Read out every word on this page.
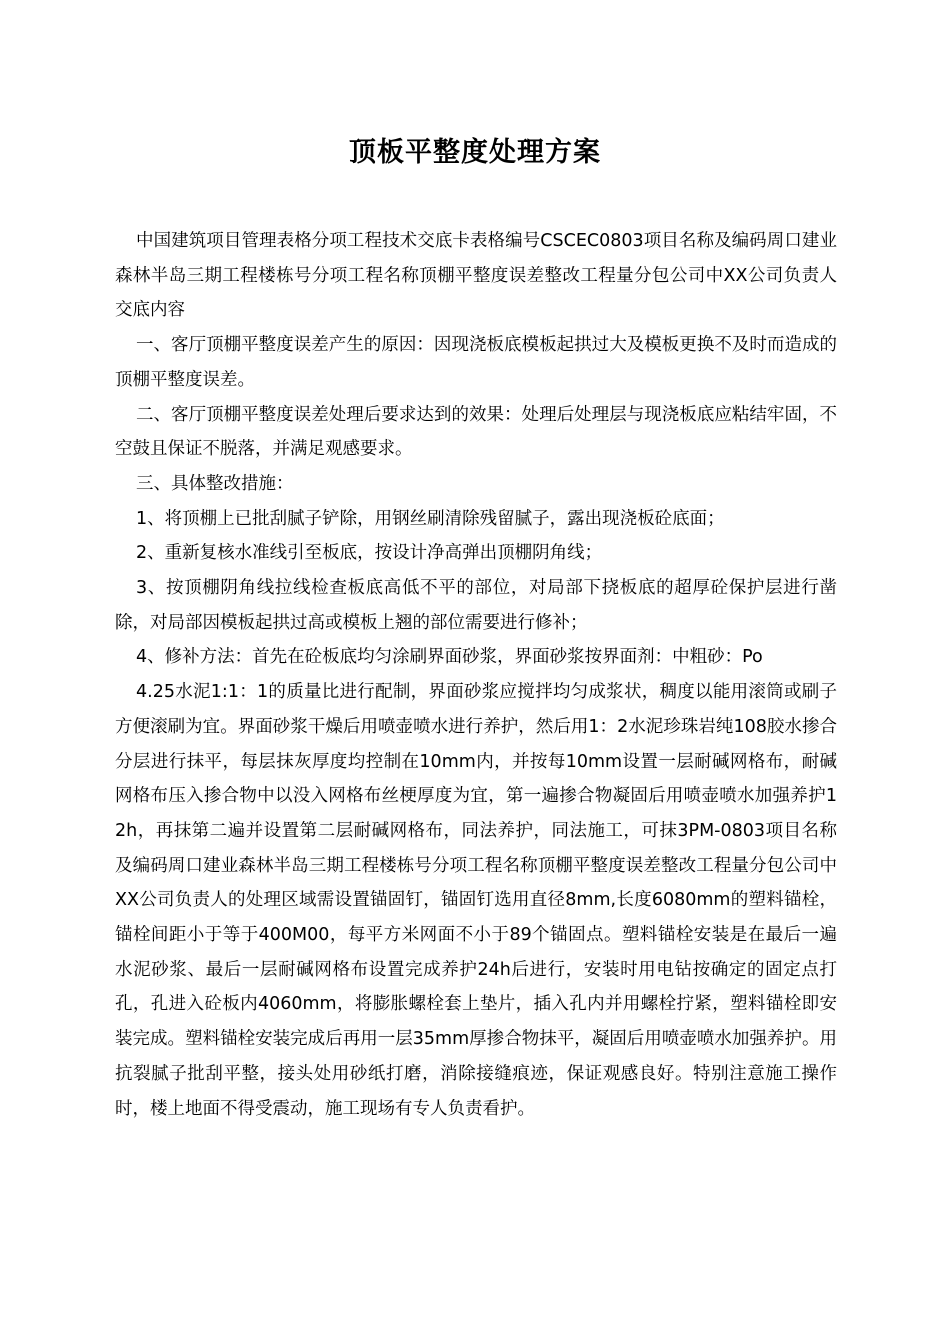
顶板平整度处理方案

中国建筑项目管理表格分项工程技术交底卡表格编号CSCEC0803项目名称及编码周口建业森林半岛三期工程楼栋号分项工程名称顶棚平整度误差整改工程量分包公司中XX公司负责人交底内容

一、客厅顶棚平整度误差产生的原因：因现浇板底模板起拱过大及模板更换不及时而造成的顶棚平整度误差。

二、客厅顶棚平整度误差处理后要求达到的效果：处理后处理层与现浇板底应粘结牢固，不空鼓且保证不脱落，并满足观感要求。

三、具体整改措施：

1、将顶棚上已批刮腻子铲除，用钢丝刷清除残留腻子，露出现浇板砼底面；

2、重新复核水准线引至板底，按设计净高弹出顶棚阴角线；

3、按顶棚阴角线拉线检查板底高低不平的部位，对局部下挠板底的超厚砼保护层进行凿除，对局部因模板起拱过高或模板上翘的部位需要进行修补；

4、修补方法：首先在砼板底均匀涂刷界面砂浆，界面砂浆按界面剂：中粗砂：Po

4.25水泥1:1：1的质量比进行配制，界面砂浆应搅拌均匀成浆状，稠度以能用滚筒或刷子方便滚刷为宜。界面砂浆干燥后用喷壶喷水进行养护，然后用1：2水泥珍珠岩纯108胶水掺合分层进行抹平，每层抹灰厚度均控制在10mm内，并按每10mm设置一层耐碱网格布，耐碱网格布压入掺合物中以没入网格布丝梗厚度为宜，第一遍掺合物凝固后用喷壶喷水加强养护12h，再抹第二遍并设置第二层耐碱网格布，同法养护，同法施工，可抹3PM-0803项目名称及编码周口建业森林半岛三期工程楼栋号分项工程名称顶棚平整度误差整改工程量分包公司中XX公司负责人的处理区域需设置锚固钉，锚固钉选用直径8mm,长度6080mm的塑料锚栓，锚栓间距小于等于400M00，每平方米网面不小于89个锚固点。塑料锚栓安装是在最后一遍水泥砂浆、最后一层耐碱网格布设置完成养护24h后进行，安装时用电钻按确定的固定点打孔，孔进入砼板内4060mm，将膨胀螺栓套上垫片，插入孔内并用螺栓拧紧，塑料锚栓即安装完成。塑料锚栓安装完成后再用一层35mm厚掺合物抹平，凝固后用喷壶喷水加强养护。用抗裂腻子批刮平整，接头处用砂纸打磨，消除接缝痕迹，保证观感良好。特别注意施工操作时，楼上地面不得受震动，施工现场有专人负责看护。
